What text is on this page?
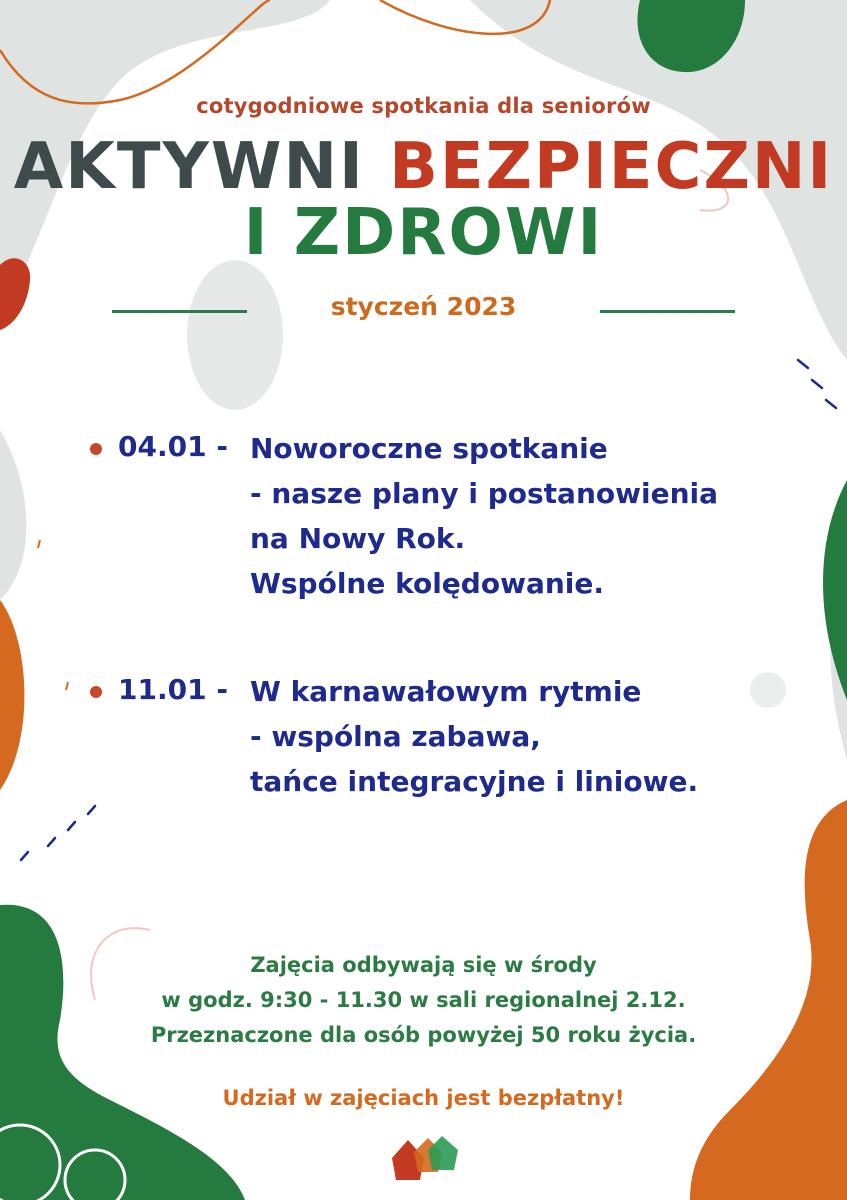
cotygodniowe spotkania dla seniorów
AKTYWNI BEZPIECZNI
I ZDROWI
styczeń 2023
04.01 - Noworoczne spotkanie
- nasze plany i postanowienia
na Nowy Rok.
Wspólne kolędowanie.
11.01 - W karnawałowym rytmie
- wspólna zabawa,
tańce integracyjne i liniowe.
Zajęcia odbywają się w środy
w godz. 9:30 - 11.30 w sali regionalnej 2.12.
Przeznaczone dla osób powyżej 50 roku życia.
Udział w zajęciach jest bezpłatny!
